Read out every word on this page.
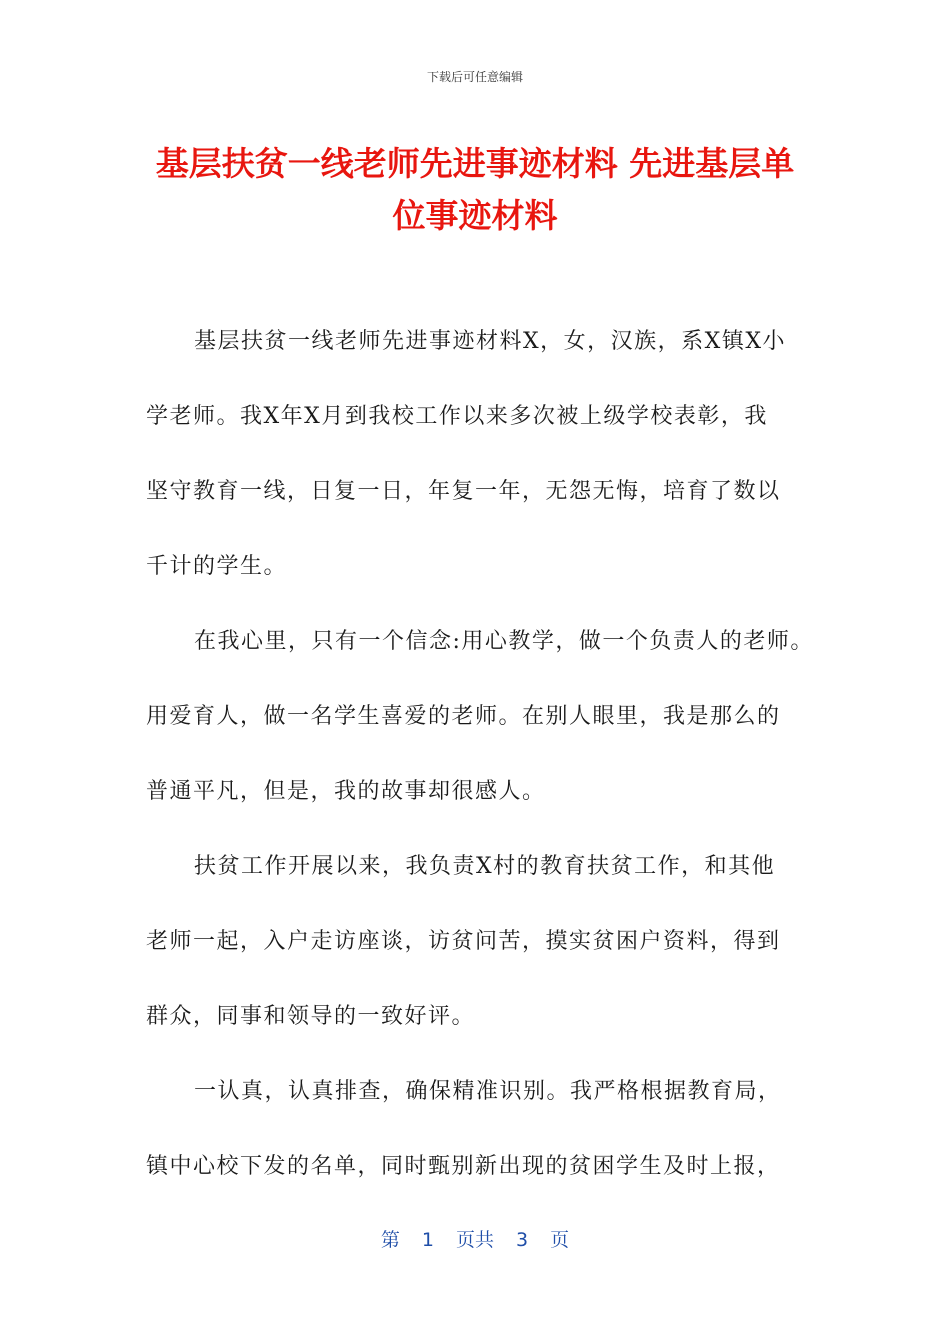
下载后可任意编辑
基层扶贫一线老师先进事迹材料 先进基层单
位事迹材料

基层扶贫一线老师先进事迹材料X，女，汉族，系X镇X小
学老师。我X年X月到我校工作以来多次被上级学校表彰，我
坚守教育一线，日复一日，年复一年，无怨无悔，培育了数以
千计的学生。

在我心里，只有一个信念:用心教学，做一个负责人的老师。
用爱育人，做一名学生喜爱的老师。在别人眼里，我是那么的
普通平凡，但是，我的故事却很感人。

扶贫工作开展以来，我负责X村的教育扶贫工作，和其他
老师一起，入户走访座谈，访贫问苦，摸实贫困户资料，得到
群众，同事和领导的一致好评。

一认真，认真排查，确保精准识别。我严格根据教育局，
镇中心校下发的名单，同时甄别新出现的贫困学生及时上报，

第 1 页共 3 页
